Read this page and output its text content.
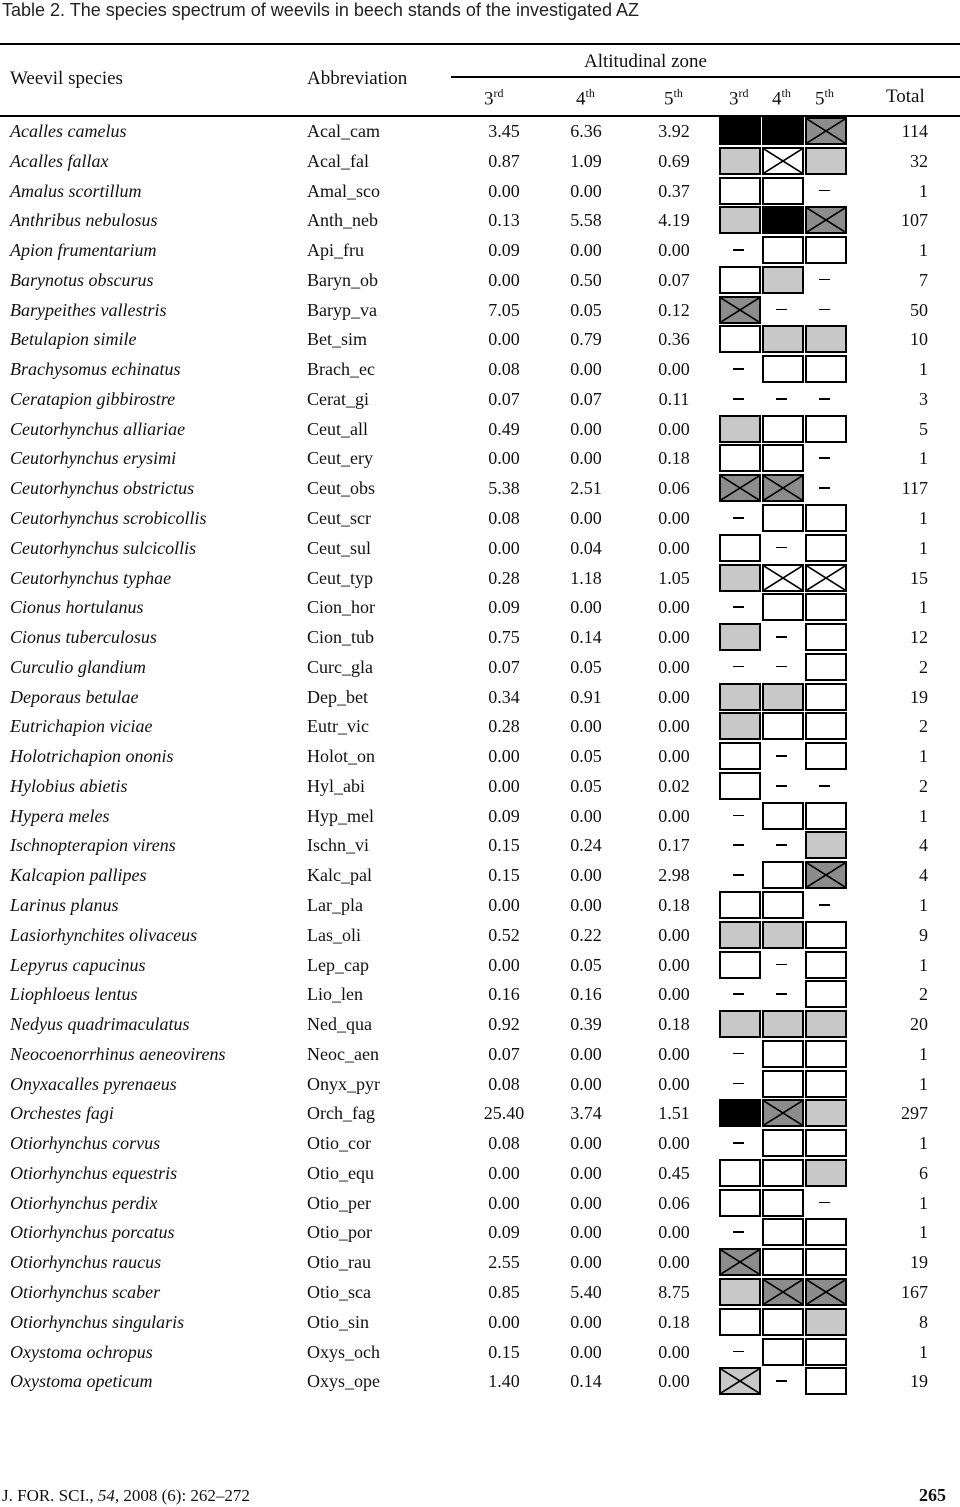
Table 2. The species spectrum of weevils in beech stands of the investigated AZ
Weevil species	Abbreviation
Altitudinal zone
3rd	4th	5th 3rd 4th 5th	Total
Acalles camelus	Acal_cam	3.45	6.36	3.92	114
Acalles fallax	Acal_fal	0.87	1.09	0.69	32
Amalus scortillum	Amal_sco	0.00	0.00	0.37	1
Anthribus nebulosus	Anth_neb	0.13	5.58	4.19	107
Apion frumentarium	Api_fru	0.09	0.00	0.00	1
Barynotus obscurus	Baryn_ob	0.00	0.50	0.07	7
Barypeithes vallestris	Baryp_va	7.05	0.05	0.12	50
Betulapion simile	Bet_sim	0.00	0.79	0.36	10
Brachysomus echinatus	Brach_ec	0.08	0.00	0.00	1
Ceratapion gibbirostre	Cerat_gi	0.07	0.07	0.11	3
Ceutorhynchus alliariae	Ceut_all	0.49	0.00	0.00	5
Ceutorhynchus erysimi	Ceut_ery	0.00	0.00	0.18	1
Ceutorhynchus obstrictus	Ceut_obs	5.38	2.51	0.06	117
Ceutorhynchus scrobicollis	Ceut_scr	0.08	0.00	0.00	1
Ceutorhynchus sulcicollis	Ceut_sul	0.00	0.04	0.00	1
Ceutorhynchus typhae	Ceut_typ	0.28	1.18	1.05	15
Cionus hortulanus	Cion_hor	0.09	0.00	0.00	1
Cionus tuberculosus	Cion_tub	0.75	0.14	0.00	12
Curculio glandium	Curc_gla	0.07	0.05	0.00	2
Deporaus betulae	Dep_bet	0.34	0.91	0.00	19
Eutrichapion viciae	Eutr_vic	0.28	0.00	0.00	2
Holotrichapion ononis	Holot_on	0.00	0.05	0.00	1
Hylobius abietis	Hyl_abi	0.00	0.05	0.02	2
Hypera meles	Hyp_mel	0.09	0.00	0.00	1
Ischnopterapion virens	Ischn_vi	0.15	0.24	0.17	4
Kalcapion pallipes	Kalc_pal	0.15	0.00	2.98	4
Larinus planus	Lar_pla	0.00	0.00	0.18	1
Lasiorhynchites olivaceus	Las_oli	0.52	0.22	0.00	9
Lepyrus capucinus	Lep_cap	0.00	0.05	0.00	1
Liophloeus lentus	Lio_len	0.16	0.16	0.00	2
Nedyus quadrimaculatus	Ned_qua	0.92	0.39	0.18	20
Neocoenorrhinus aeneovirens	Neoc_aen	0.07	0.00	0.00	1
Onyxacalles pyrenaeus	Onyx_pyr	0.08	0.00	0.00	1
Orchestes fagi	Orch_fag	25.40	3.74	1.51	297
Otiorhynchus corvus	Otio_cor	0.08	0.00	0.00	1
Otiorhynchus equestris	Otio_equ	0.00	0.00	0.45	6
Otiorhynchus perdix	Otio_per	0.00	0.00	0.06	1
Otiorhynchus porcatus	Otio_por	0.09	0.00	0.00	1
Otiorhynchus raucus	Otio_rau	2.55	0.00	0.00	19
Otiorhynchus scaber	Otio_sca	0.85	5.40	8.75	167
Otiorhynchus singularis	Otio_sin	0.00	0.00	0.18	8
Oxystoma ochropus	Oxys_och	0.15	0.00	0.00	1
Oxystoma opeticum	Oxys_ope	1.40	0.14	0.00	19
J. FOR. SCI., 54, 2008 (6): 262–272	265
